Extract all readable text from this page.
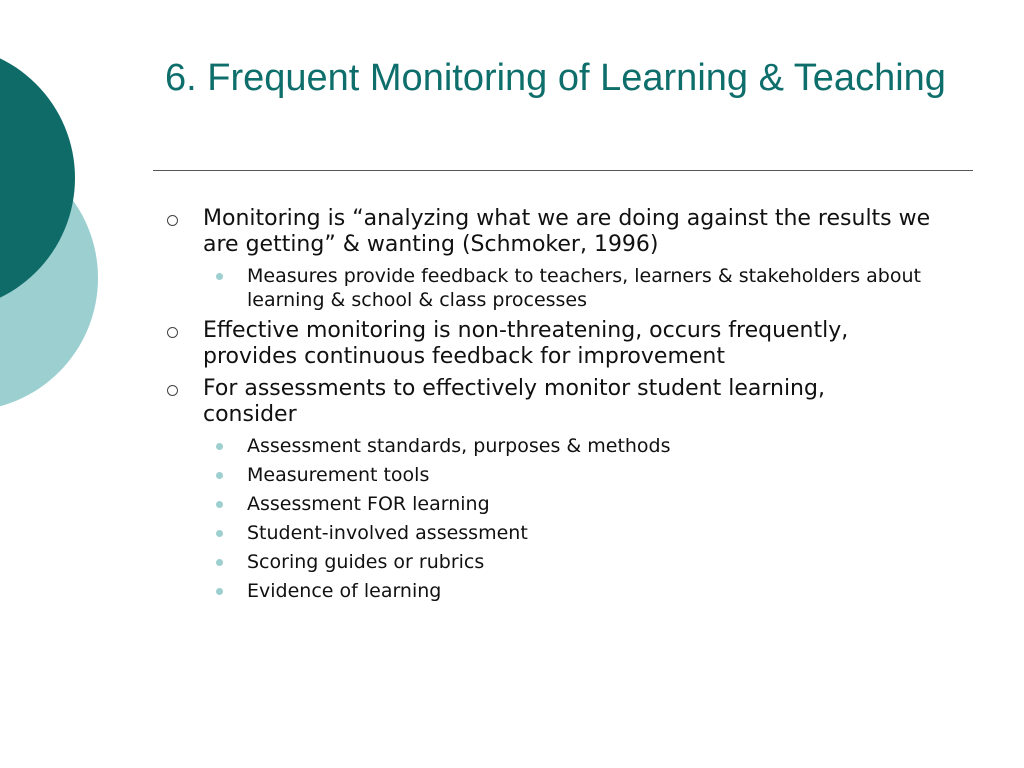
6. Frequent Monitoring of Learning & Teaching
Monitoring is “analyzing what we are doing against the results we are getting” & wanting (Schmoker, 1996)
Measures provide feedback to teachers, learners & stakeholders about learning & school & class processes
Effective monitoring is non-threatening, occurs frequently, provides continuous feedback for improvement
For assessments to effectively monitor student learning, consider
Assessment standards, purposes & methods
Measurement tools
Assessment FOR learning
Student-involved assessment
Scoring guides or rubrics
Evidence of learning
